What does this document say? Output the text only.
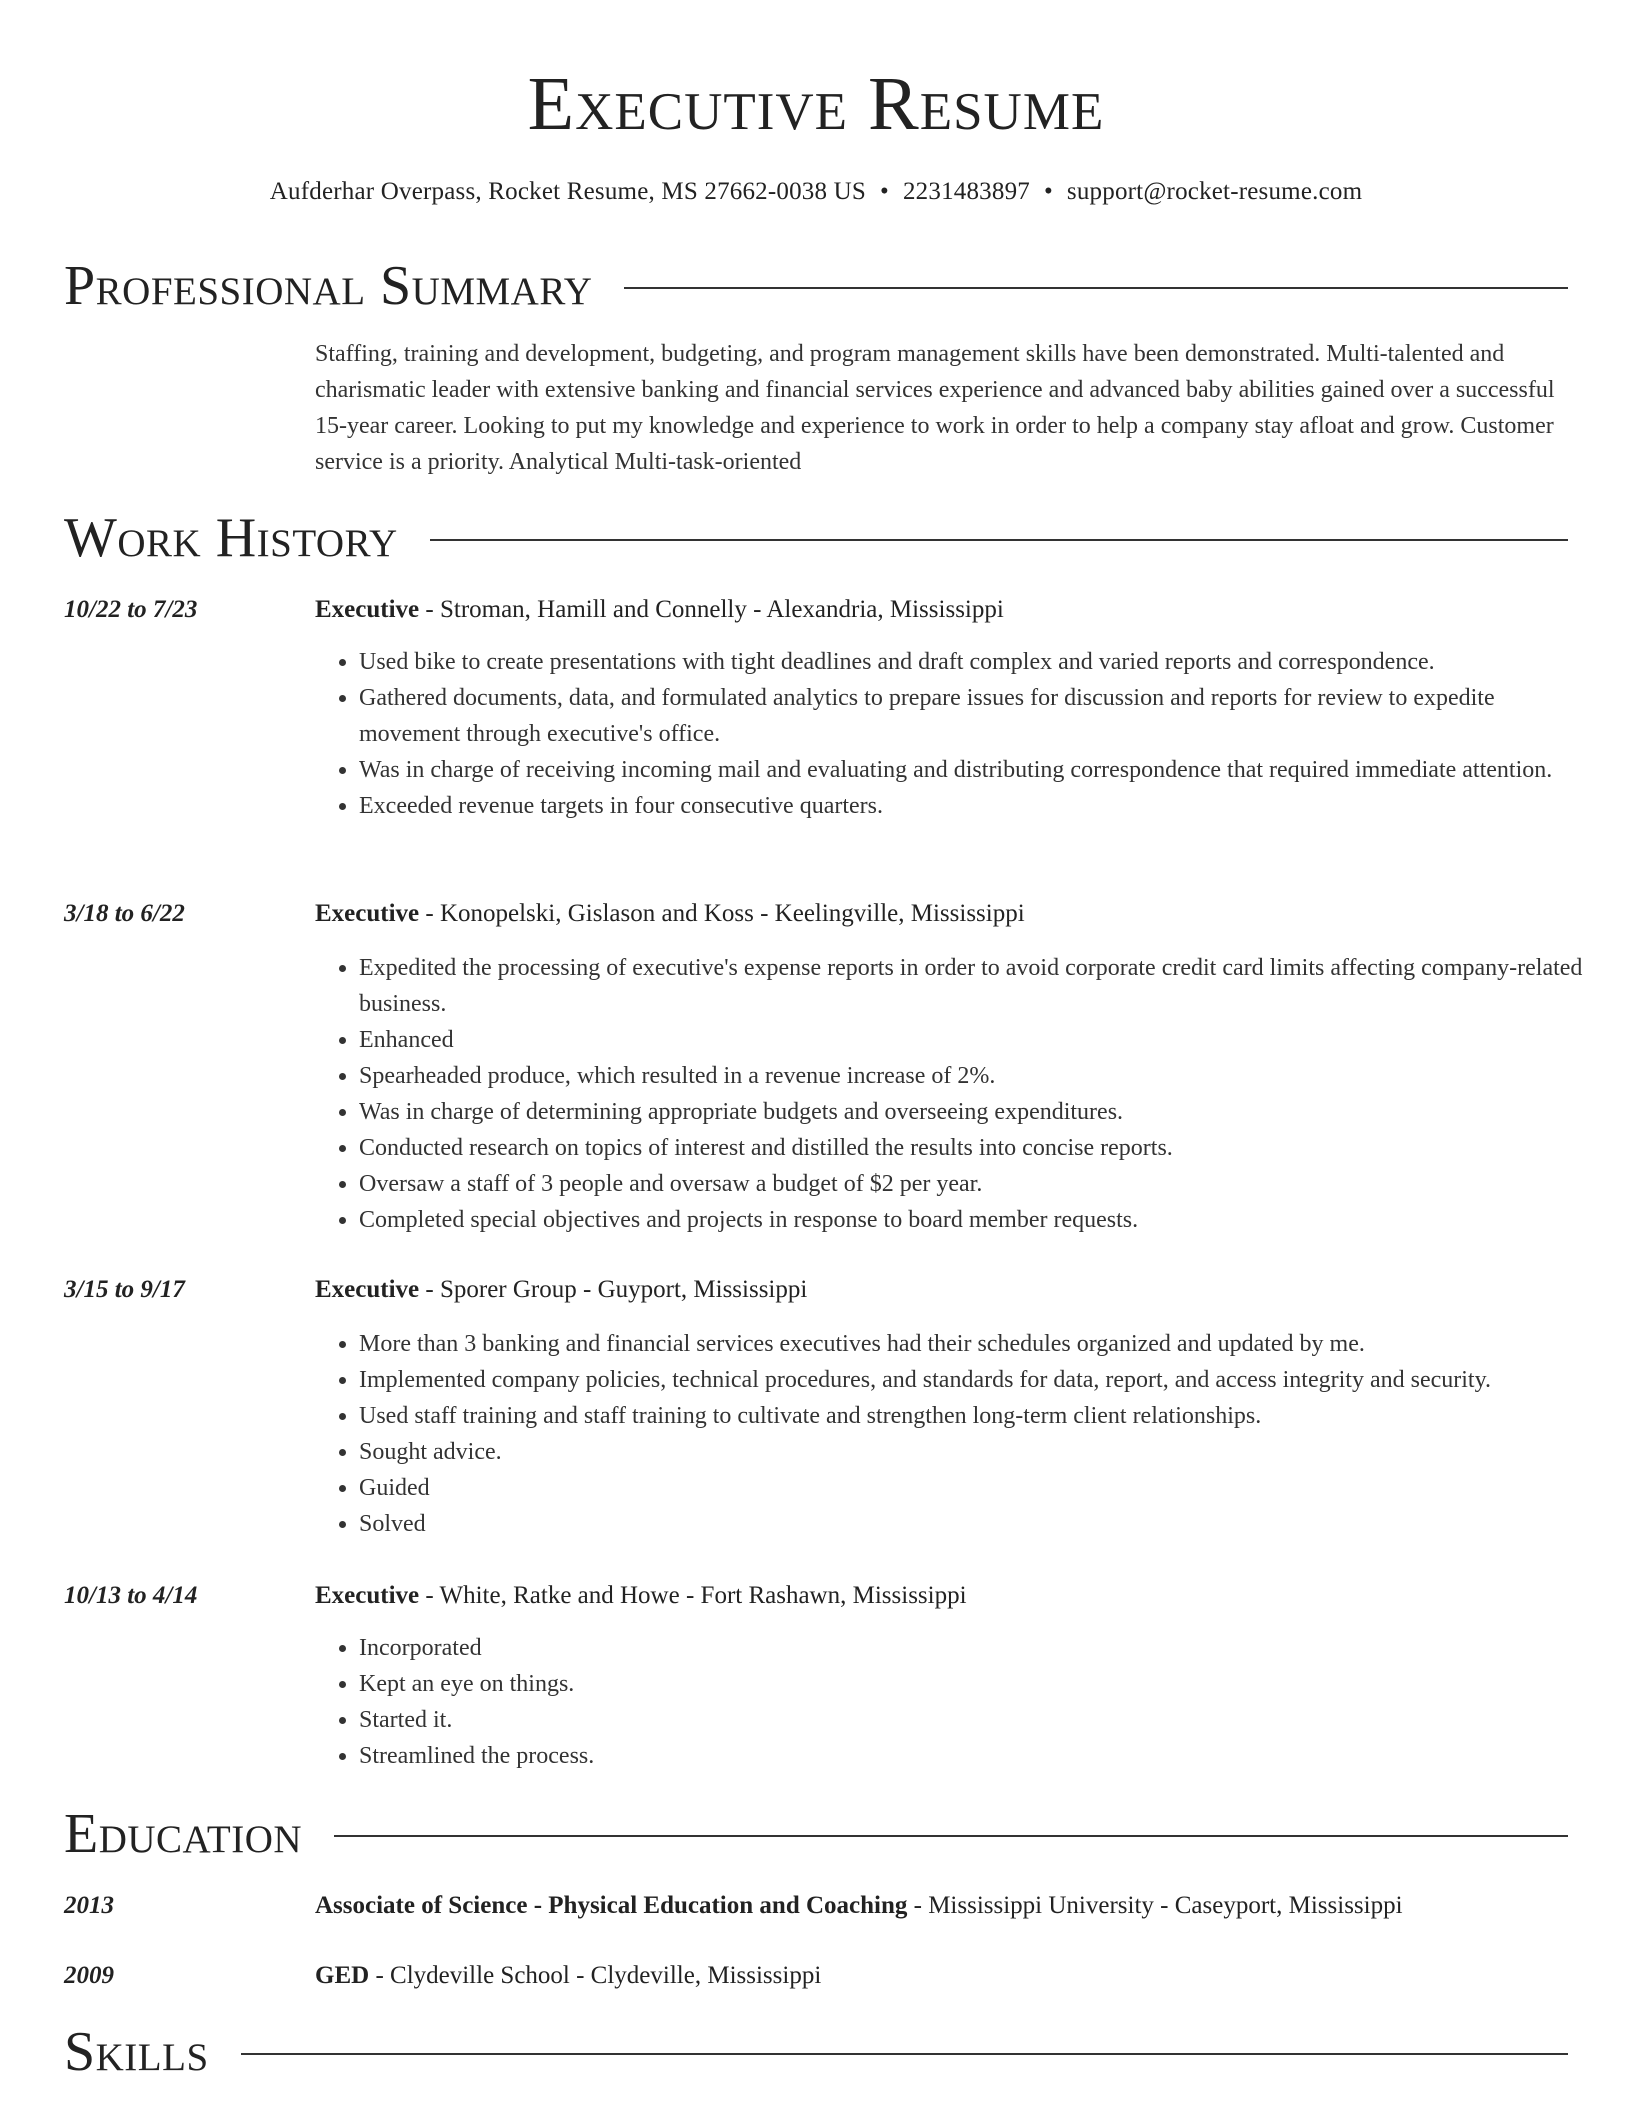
Executive Resume
Aufderhar Overpass, Rocket Resume, MS 27662-0038 US • 2231483897 • support@rocket-resume.com
Professional Summary
Staffing, training and development, budgeting, and program management skills have been demonstrated. Multi-talented and charismatic leader with extensive banking and financial services experience and advanced baby abilities gained over a successful 15-year career. Looking to put my knowledge and experience to work in order to help a company stay afloat and grow. Customer service is a priority. Analytical Multi-task-oriented
Work History
10/22 to 7/23	Executive - Stroman, Hamill and Connelly - Alexandria, Mississippi
• Used bike to create presentations with tight deadlines and draft complex and varied reports and correspondence.
• Gathered documents, data, and formulated analytics to prepare issues for discussion and reports for review to expedite movement through executive's office.
• Was in charge of receiving incoming mail and evaluating and distributing correspondence that required immediate attention.
• Exceeded revenue targets in four consecutive quarters.
3/18 to 6/22	Executive - Konopelski, Gislason and Koss - Keelingville, Mississippi
• Expedited the processing of executive's expense reports in order to avoid corporate credit card limits affecting company-related business.
• Enhanced
• Spearheaded produce, which resulted in a revenue increase of 2%.
• Was in charge of determining appropriate budgets and overseeing expenditures.
• Conducted research on topics of interest and distilled the results into concise reports.
• Oversaw a staff of 3 people and oversaw a budget of $2 per year.
• Completed special objectives and projects in response to board member requests.
3/15 to 9/17	Executive - Sporer Group - Guyport, Mississippi
• More than 3 banking and financial services executives had their schedules organized and updated by me.
• Implemented company policies, technical procedures, and standards for data, report, and access integrity and security.
• Used staff training and staff training to cultivate and strengthen long-term client relationships.
• Sought advice.
• Guided
• Solved
10/13 to 4/14	Executive - White, Ratke and Howe - Fort Rashawn, Mississippi
• Incorporated
• Kept an eye on things.
• Started it.
• Streamlined the process.
Education
2013	Associate of Science - Physical Education and Coaching - Mississippi University - Caseyport, Mississippi
2009	GED - Clydeville School - Clydeville, Mississippi
Skills
